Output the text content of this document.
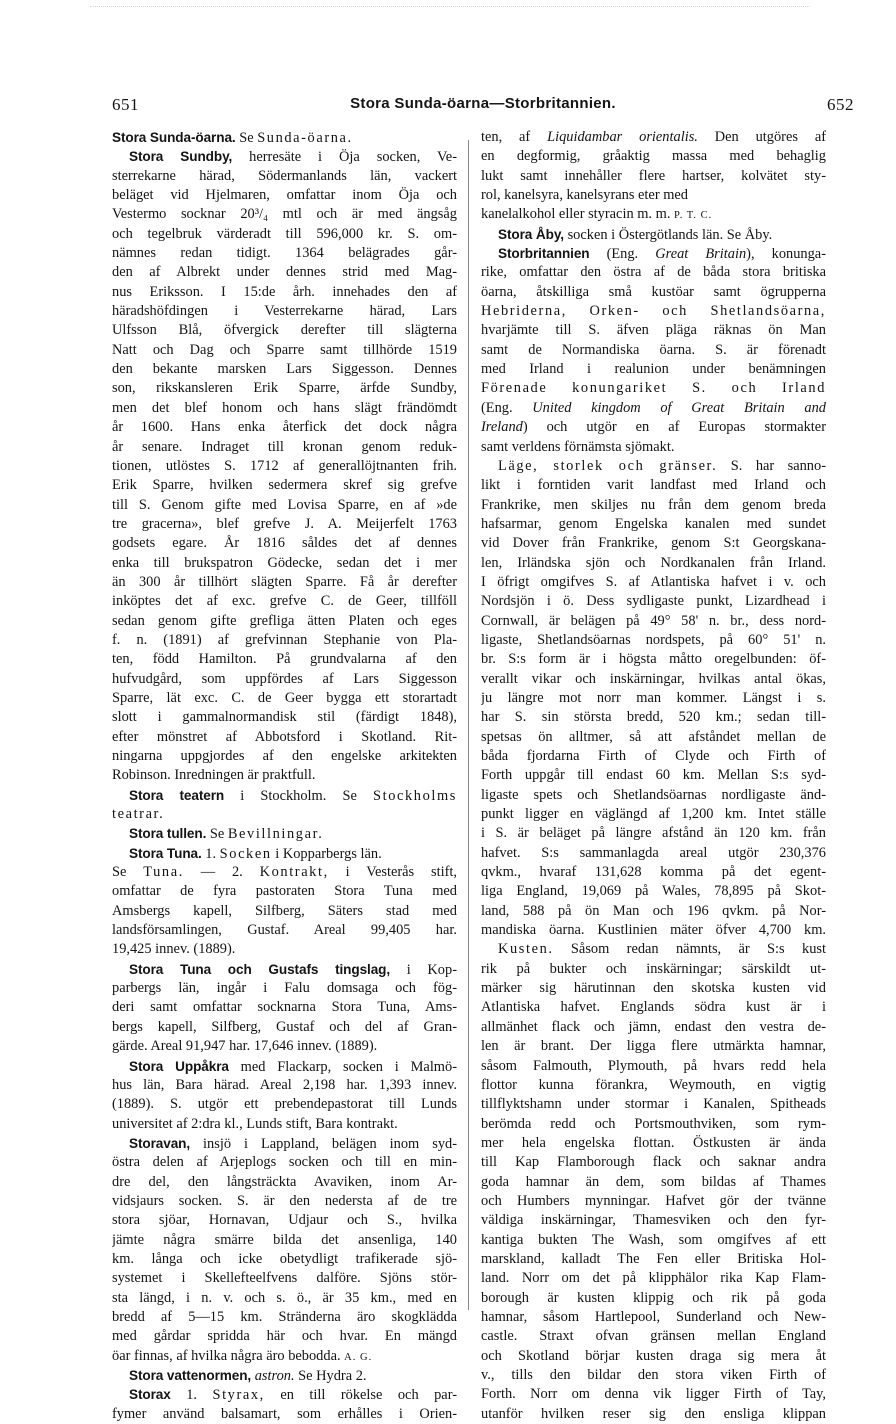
651	Stora Sunda-öarna—Storbritannien.	652
Stora Sunda-öarna. Se Sunda-öarna.
Stora Sundby, herresäte i Öja socken, Ve-
sterrekarne härad, Södermanlands län, vackert
beläget vid Hjelmaren, omfattar inom Öja och
Vestermo socknar 20³/₄ mtl och är med ängsåg
och tegelbruk värderadt till 596,000 kr. S. om-
nämnes redan tidigt. 1364 belägrades går-
den af Albrekt under dennes strid med Mag-
nus Eriksson. I 15:de årh. innehades den af
häradshöfdingen i Vesterrekarne härad, Lars
Ulfsson Blå, öfvergick derefter till slägterna
Natt och Dag och Sparre samt tillhörde 1519
den bekante marsken Lars Siggesson. Dennes
son, rikskansleren Erik Sparre, ärfde Sundby,
men det blef honom och hans slägt frändömdt
år 1600. Hans enka återfick det dock några
år senare. Indraget till kronan genom reduk-
tionen, utlöstes S. 1712 af generallöjtnanten frih.
Erik Sparre, hvilken sedermera skref sig grefve
till S. Genom gifte med Lovisa Sparre, en af »de
tre gracerna», blef grefve J. A. Meijerfelt 1763
godsets egare. År 1816 såldes det af dennes
enka till brukspatron Gödecke, sedan det i mer
än 300 år tillhört slägten Sparre. Få år derefter
inköptes det af exc. grefve C. de Geer, tillföll
sedan genom gifte grefliga ätten Platen och eges
f. n. (1891) af grefvinnan Stephanie von Pla-
ten, född Hamilton. På grundvalarna af den
hufvudgård, som uppfördes af Lars Siggesson
Sparre, lät exc. C. de Geer bygga ett storartadt
slott i gammalnormandisk stil (färdigt 1848),
efter mönstret af Abbotsford i Skotland. Rit-
ningarna uppgjordes af den engelske arkitekten
Robinson. Inredningen är praktfull.
Stora teatern i Stockholm. Se Stockholms
teatrar.
Stora tullen. Se Bevillningar.
Stora Tuna. 1. Socken i Kopparbergs län.
Se Tuna. — 2. Kontrakt, i Vesterås stift,
omfattar de fyra pastoraten Stora Tuna med
Amsbergs kapell, Silfberg, Säters stad med
landsförsamlingen, Gustaf. Areal 99,405 har.
19,425 innev. (1889).
Stora Tuna och Gustafs tingslag, i Kop-
parbergs län, ingår i Falu domsaga och fög-
deri samt omfattar socknarna Stora Tuna, Ams-
bergs kapell, Silfberg, Gustaf och del af Gran-
gärde. Areal 91,947 har. 17,646 innev. (1889).
Stora Uppåkra med Flackarp, socken i Malmö-
hus län, Bara härad. Areal 2,198 har. 1,393 innev.
(1889). S. utgör ett prebendepastorat till Lunds
universitet af 2:dra kl., Lunds stift, Bara kontrakt.
Storavan, insjö i Lappland, belägen inom syd-
östra delen af Arjeplogs socken och till en min-
dre del, den långsträckta Avaviken, inom Ar-
vidsjaurs socken. S. är den nedersta af de tre
stora sjöar, Hornavan, Udjaur och S., hvilka
jämte några smärre bilda det ansenliga, 140
km. långa och icke obetydligt trafikerade sjö-
systemet i Skellefteelfvens dalföre. Sjöns stör-
sta längd, i n. v. och s. ö., är 35 km., med en
bredd af 5—15 km. Stränderna äro skogklädda
med gårdar spridda här och hvar. En mängd
öar finnas, af hvilka några äro bebodda. A. G.
Stora vattenormen, astron. Se Hydra 2.
Storax 1. Styrax, en till rökelse och par-
fymer använd balsamart, som erhålles i Orien-
ten, af Liquidambar orientalis. Den utgöres af
en degformig, gråaktig massa med behaglig
lukt samt innehåller flere hartser, kolvätet sty-
rol, kanelsyra, kanelsyrans eter med
kanelalkohol eller styracin m. m. P. T. C.
Stora Åby, socken i Östergötlands län. Se Åby.
Storbritannien (Eng. Great Britain), konunga-
rike, omfattar den östra af de båda stora britiska
öarna, åtskilliga små kustöar samt ögrupperna
Hebriderna, Orken- och Shetlandsöarna,
hvarjämte till S. äfven pläga räknas ön Man
samt de Normandiska öarna. S. är förenadt
med Irland i realunion under benämningen
Förenade konungariket S. och Irland
(Eng. United kingdom of Great Britain and
Ireland) och utgör en af Europas stormakter
samt verldens förnämsta sjömakt.
Läge, storlek och gränser. S. har sanno-
likt i forntiden varit landfast med Irland och
Frankrike, men skiljes nu från dem genom breda
hafsarmar, genom Engelska kanalen med sundet
vid Dover från Frankrike, genom S:t Georgskana-
len, Irländska sjön och Nordkanalen från Irland.
I öfrigt omgifves S. af Atlantiska hafvet i v. och
Nordsjön i ö. Dess sydligaste punkt, Lizardhead i
Cornwall, är belägen på 49° 58' n. br., dess nord-
ligaste, Shetlandsöarnas nordspets, på 60° 51' n.
br. S:s form är i högsta måtto oregelbunden: öf-
verallt vikar och inskärningar, hvilkas antal ökas,
ju längre mot norr man kommer. Längst i s.
har S. sin största bredd, 520 km.; sedan till-
spetsas ön alltmer, så att afståndet mellan de
båda fjordarna Firth of Clyde och Firth of
Forth uppgår till endast 60 km. Mellan S:s syd-
ligaste spets och Shetlandsöarnas nordligaste änd-
punkt ligger en väglängd af 1,200 km. Intet ställe
i S. är beläget på längre afstånd än 120 km. från
hafvet. S:s sammanlagda areal utgör 230,376
qvkm., hvaraf 131,628 komma på det egent-
liga England, 19,069 på Wales, 78,895 på Skot-
land, 588 på ön Man och 196 qvkm. på Nor-
mandiska öarna. Kustlinien mäter öfver 4,700 km.
Kusten. Såsom redan nämnts, är S:s kust
rik på bukter och inskärningar; särskildt ut-
märker sig härutinnan den skotska kusten vid
Atlantiska hafvet. Englands södra kust är i
allmänhet flack och jämn, endast den vestra de-
len är brant. Der ligga flere utmärkta hamnar,
såsom Falmouth, Plymouth, på hvars redd hela
flottor kunna förankra, Weymouth, en vigtig
tillflyktshamn under stormar i Kanalen, Spitheads
berömda redd och Portsmouthviken, som rym-
mer hela engelska flottan. Östkusten är ända
till Kap Flamborough flack och saknar andra
goda hamnar än dem, som bildas af Thames
och Humbers mynningar. Hafvet gör der tvänne
väldiga inskärningar, Thamesviken och den fyr-
kantiga bukten The Wash, som omgifves af ett
marskland, kalladt The Fen eller Britiska Hol-
land. Norr om det på klipphälor rika Kap Flam-
borough är kusten klippig och rik på goda
hamnar, såsom Hartlepool, Sunderland och New-
castle. Straxt ofvan gränsen mellan England
och Skotland börjar kusten draga sig mera åt
v., tills den bildar den stora viken Firth of
Forth. Norr om denna vik ligger Firth of Tay,
utanför hvilken reser sig den ensliga klippan
